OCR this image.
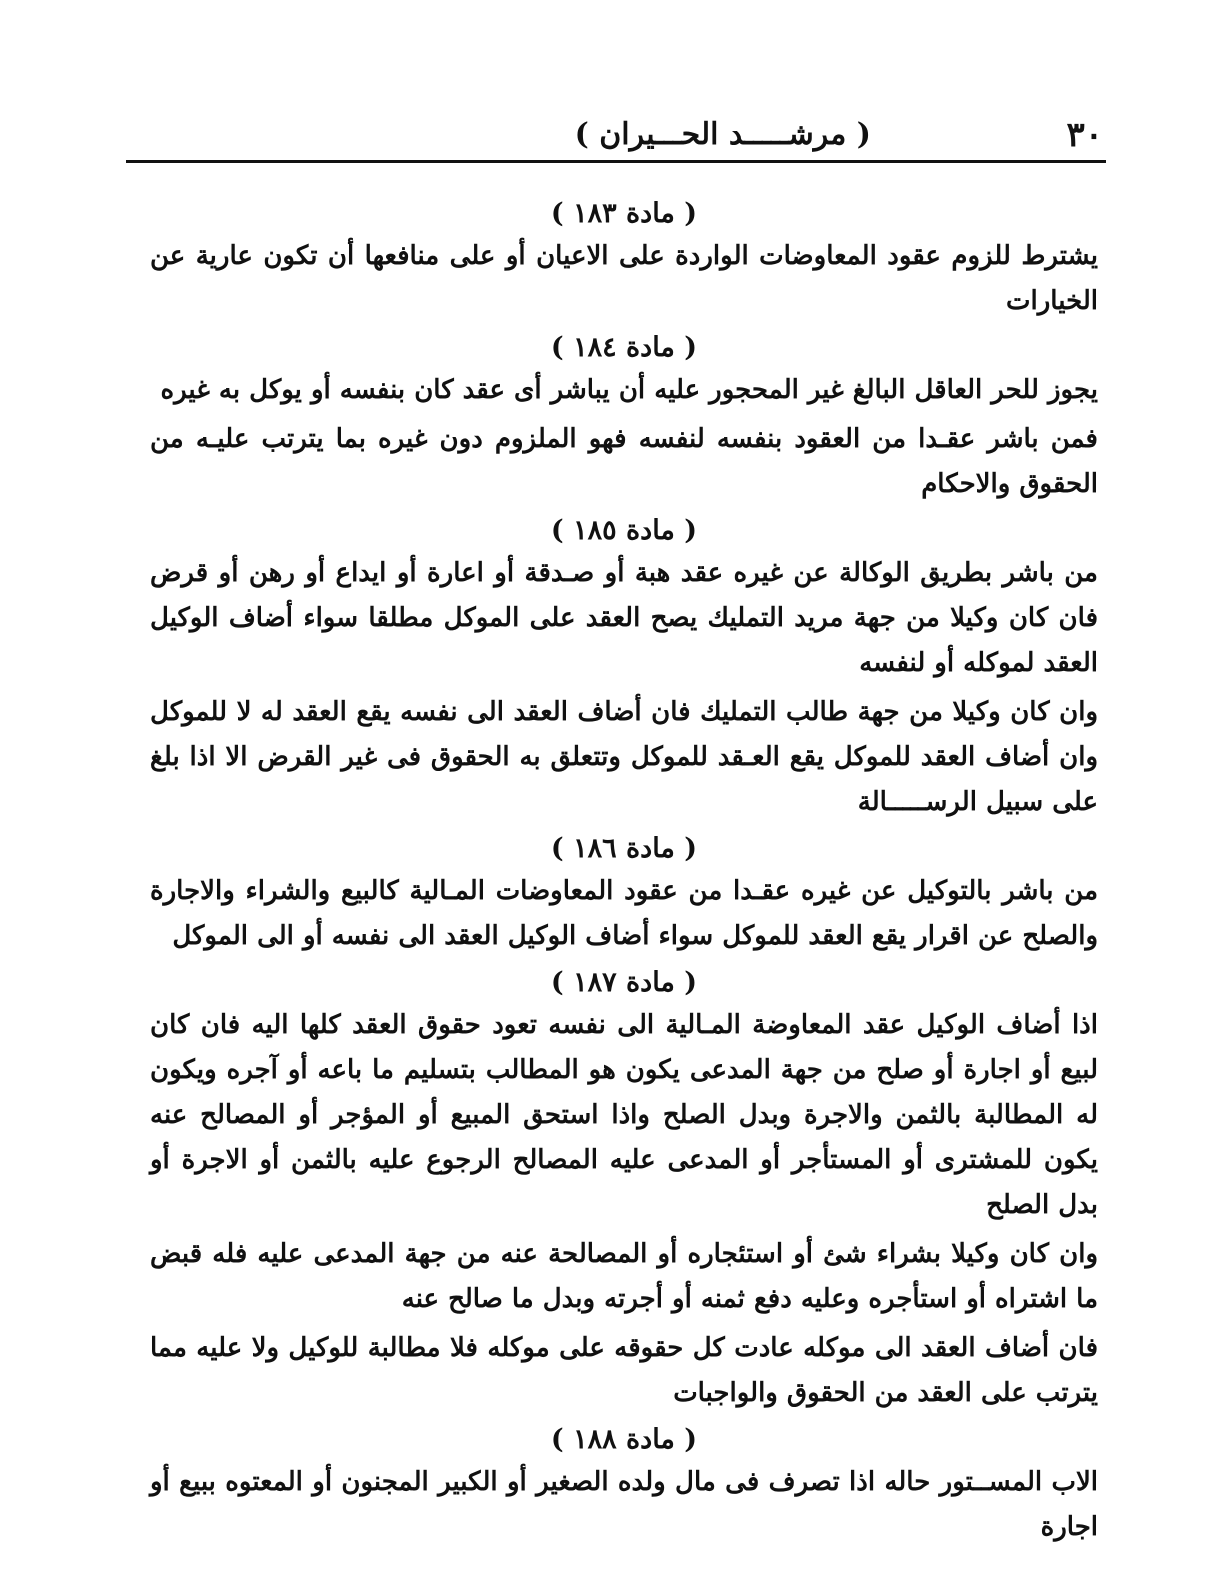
٣٠
( مرشـــــد الحـــيران )
( مادة ١٨٣ )

يشترط للزوم عقود المعاوضات الواردة على الاعيان أو على منافعها أن تكون عارية عن الخيارات

( مادة ١٨٤ )

يجوز للحر العاقل البالغ غير المحجور عليه أن يباشر أى عقد كان بنفسه أو يوكل به غيره

فمن باشر عقـدا من العقود بنفسه لنفسه فهو الملزوم دون غيره بما يترتب عليـه من الحقوق والاحكام

( مادة ١٨٥ )

من باشر بطريق الوكالة عن غيره عقد هبة أو صـدقة أو اعارة أو ايداع أو رهن أو قرض فان كان وكيلا من جهة مريد التمليك يصح العقد على الموكل مطلقا سواء أضاف الوكيل العقد لموكله أو لنفسه

وان كان وكيلا من جهة طالب التمليك فان أضاف العقد الى نفسه يقع العقد له لا للموكل وان أضاف العقد للموكل يقع العـقد للموكل وتتعلق به الحقوق فى غير القرض الا اذا بلغ على سبيل الرســـــالة

( مادة ١٨٦ )

من باشر بالتوكيل عن غيره عقـدا من عقود المعاوضات المـالية كالبيع والشراء والاجارة والصلح عن اقرار يقع العقد للموكل سواء أضاف الوكيل العقد الى نفسه أو الى الموكل

( مادة ١٨٧ )

اذا أضاف الوكيل عقد المعاوضة المـالية الى نفسه تعود حقوق العقد كلها اليه فان كان لبيع أو اجارة أو صلح من جهة المدعى يكون هو المطالب بتسليم ما باعه أو آجره ويكون له المطالبة بالثمن والاجرة وبدل الصلح واذا استحق المبيع أو المؤجر أو المصالح عنه يكون للمشترى أو المستأجر أو المدعى عليه المصالح الرجوع عليه بالثمن أو الاجرة أو بدل الصلح

وان كان وكيلا بشراء شئ أو استئجاره أو المصالحة عنه من جهة المدعى عليه فله قبض ما اشتراه أو استأجره وعليه دفع ثمنه أو أجرته وبدل ما صالح عنه

فان أضاف العقد الى موكله عادت كل حقوقه على موكله فلا مطالبة للوكيل ولا عليه مما يترتب على العقد من الحقوق والواجبات

( مادة ١٨٨ )

الاب المســتور حاله اذا تصرف فى مال ولده الصغير أو الكبير المجنون أو المعتوه ببيع أو اجارة
